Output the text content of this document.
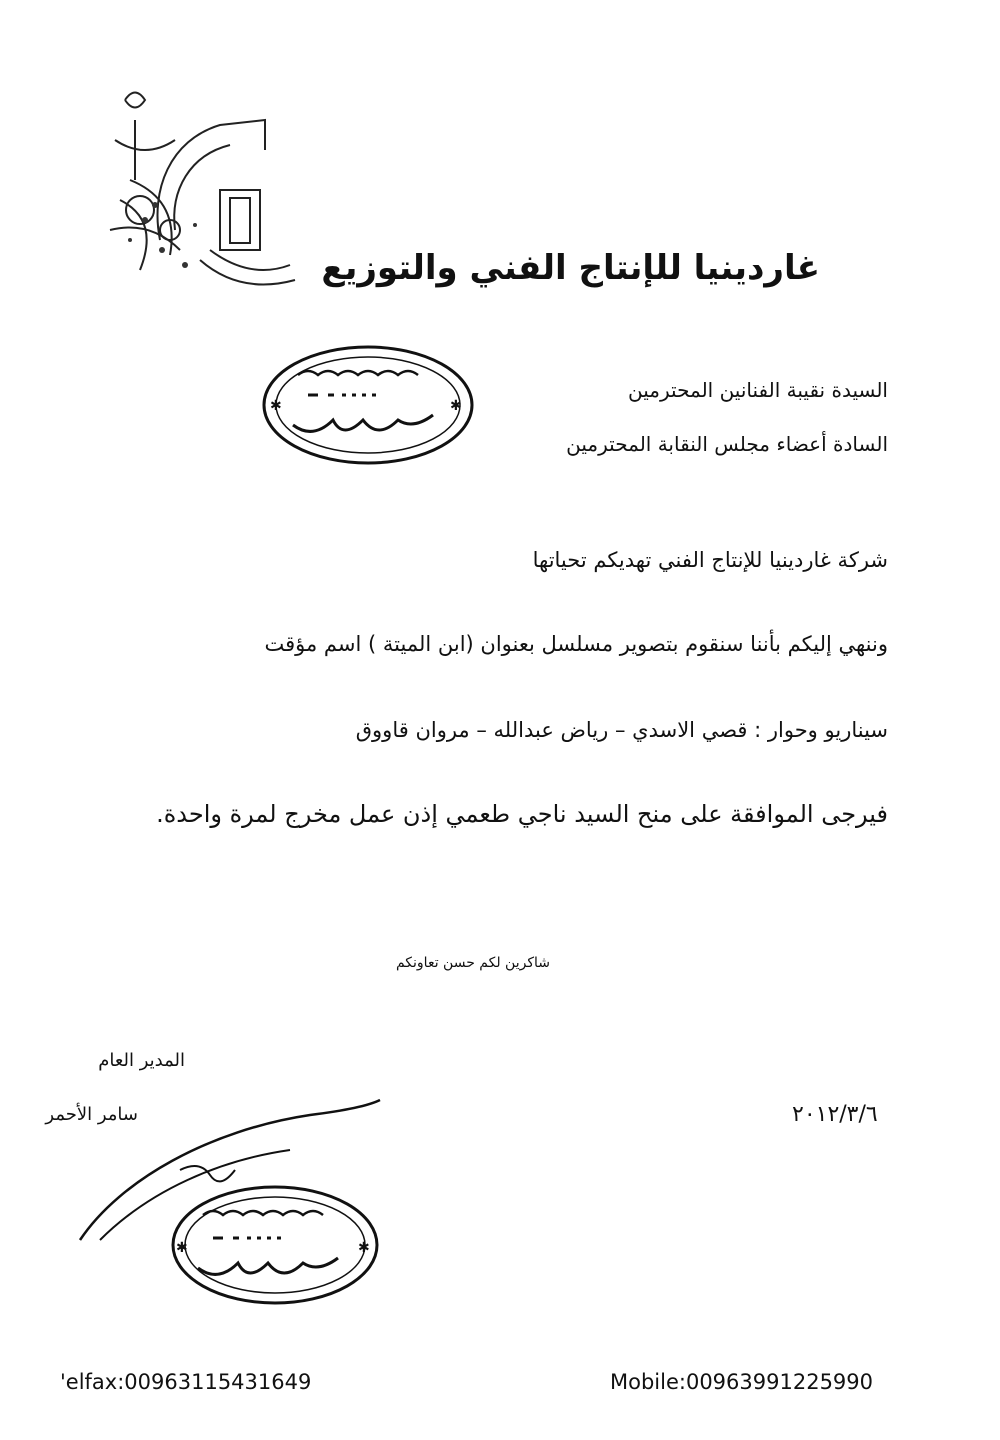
غاردينيا للإنتاج الفني والتوزيع
✱	✱
السيدة نقيبة الفنانين المحترمين
السادة أعضاء مجلس النقابة المحترمين
شركة غاردينيا للإنتاج الفني تهديكم تحياتها
وننهي إليكم بأننا سنقوم بتصوير مسلسل بعنوان (ابن الميتة ) اسم مؤقت
سيناريو وحوار : قصي الاسدي – رياض عبدالله – مروان قاووق
فيرجى الموافقة على منح السيد ناجي طعمي إذن عمل مخرج لمرة واحدة.
شاكرين لكم حسن تعاونكم
المدير العام
سامر الأحمر	٢٠١٢/٣/٦
✱	✱
'elfax:00963115431649	Mobile:00963991225990
